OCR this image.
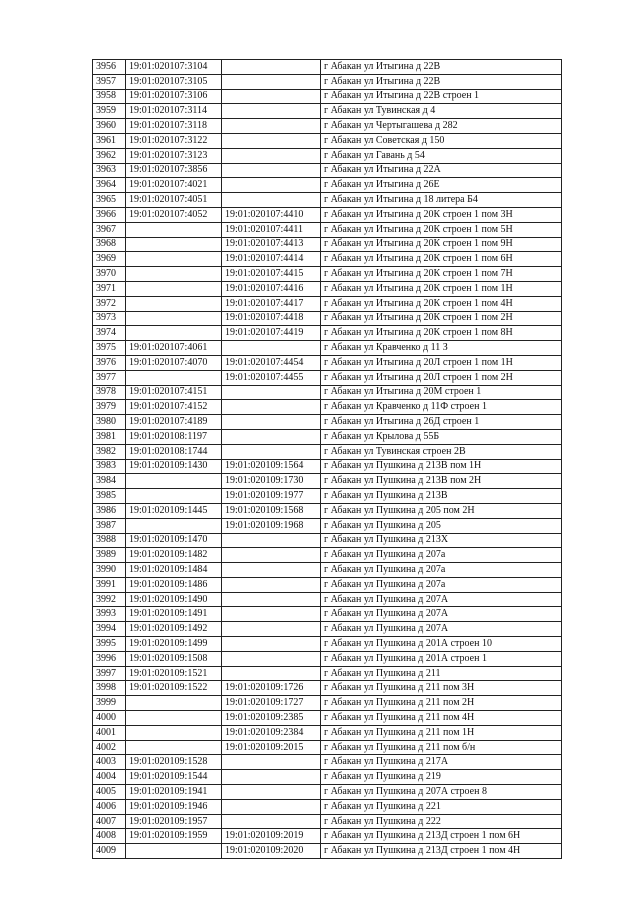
3956	19:01:020107:3104		г Абакан ул Итыгина д 22В
3957	19:01:020107:3105		г Абакан ул Итыгина д 22В
3958	19:01:020107:3106		г Абакан ул Итыгина д 22В строен 1
3959	19:01:020107:3114		г Абакан ул Тувинская д 4
3960	19:01:020107:3118		г Абакан ул Чертыгашева д 282
3961	19:01:020107:3122		г Абакан ул Советская д 150
3962	19:01:020107:3123		г Абакан ул Гавань д 54
3963	19:01:020107:3856		г Абакан ул Итыгина д 22А
3964	19:01:020107:4021		г Абакан ул Итыгина д 26Е
3965	19:01:020107:4051		г Абакан ул Итыгина д 18 литера Б4
3966	19:01:020107:4052	19:01:020107:4410	г Абакан ул Итыгина д 20К строен 1 пом 3Н
3967		19:01:020107:4411	г Абакан ул Итыгина д 20К строен 1 пом 5Н
3968		19:01:020107:4413	г Абакан ул Итыгина д 20К строен 1 пом 9Н
3969		19:01:020107:4414	г Абакан ул Итыгина д 20К строен 1 пом 6Н
3970		19:01:020107:4415	г Абакан ул Итыгина д 20К строен 1 пом 7Н
3971		19:01:020107:4416	г Абакан ул Итыгина д 20К строен 1 пом 1Н
3972		19:01:020107:4417	г Абакан ул Итыгина д 20К строен 1 пом 4Н
3973		19:01:020107:4418	г Абакан ул Итыгина д 20К строен 1 пом 2Н
3974		19:01:020107:4419	г Абакан ул Итыгина д 20К строен 1 пом 8Н
3975	19:01:020107:4061		г Абакан ул Кравченко д 11 З
3976	19:01:020107:4070	19:01:020107:4454	г Абакан ул Итыгина д 20Л строен 1 пом 1Н
3977		19:01:020107:4455	г Абакан ул Итыгина д 20Л строен 1 пом 2Н
3978	19:01:020107:4151		г Абакан ул Итыгина д 20М строен 1
3979	19:01:020107:4152		г Абакан ул Кравченко д 11Ф строен 1
3980	19:01:020107:4189		г Абакан ул Итыгина д 26Д строен 1
3981	19:01:020108:1197		г Абакан ул Крылова д 55Б
3982	19:01:020108:1744		г Абакан ул Тувинская строен 2В
3983	19:01:020109:1430	19:01:020109:1564	г Абакан ул Пушкина д 213В пом 1Н
3984		19:01:020109:1730	г Абакан ул Пушкина д 213В пом 2Н
3985		19:01:020109:1977	г Абакан ул Пушкина д 213В
3986	19:01:020109:1445	19:01:020109:1568	г Абакан ул Пушкина д 205 пом 2Н
3987		19:01:020109:1968	г Абакан ул Пушкина д 205
3988	19:01:020109:1470		г Абакан ул Пушкина д 213Х
3989	19:01:020109:1482		г Абакан ул Пушкина д 207а
3990	19:01:020109:1484		г Абакан ул Пушкина д 207а
3991	19:01:020109:1486		г Абакан ул Пушкина д 207а
3992	19:01:020109:1490		г Абакан ул Пушкина д 207А
3993	19:01:020109:1491		г Абакан ул Пушкина д 207А
3994	19:01:020109:1492		г Абакан ул Пушкина д 207А
3995	19:01:020109:1499		г Абакан ул Пушкина д 201А строен 10
3996	19:01:020109:1508		г Абакан ул Пушкина д 201А строен 1
3997	19:01:020109:1521		г Абакан ул Пушкина д 211
3998	19:01:020109:1522	19:01:020109:1726	г Абакан ул Пушкина д 211 пом 3Н
3999		19:01:020109:1727	г Абакан ул Пушкина д 211 пом 2Н
4000		19:01:020109:2385	г Абакан ул Пушкина д 211 пом 4Н
4001		19:01:020109:2384	г Абакан ул Пушкина д 211 пом 1Н
4002		19:01:020109:2015	г Абакан ул Пушкина д 211 пом б/н
4003	19:01:020109:1528		г Абакан ул Пушкина д 217А
4004	19:01:020109:1544		г Абакан ул Пушкина д 219
4005	19:01:020109:1941		г Абакан ул Пушкина д 207А строен 8
4006	19:01:020109:1946		г Абакан ул Пушкина д 221
4007	19:01:020109:1957		г Абакан ул Пушкина д 222
4008	19:01:020109:1959	19:01:020109:2019	г Абакан ул Пушкина д 213Д строен 1 пом 6Н
4009		19:01:020109:2020	г Абакан ул Пушкина д 213Д строен 1 пом 4Н
